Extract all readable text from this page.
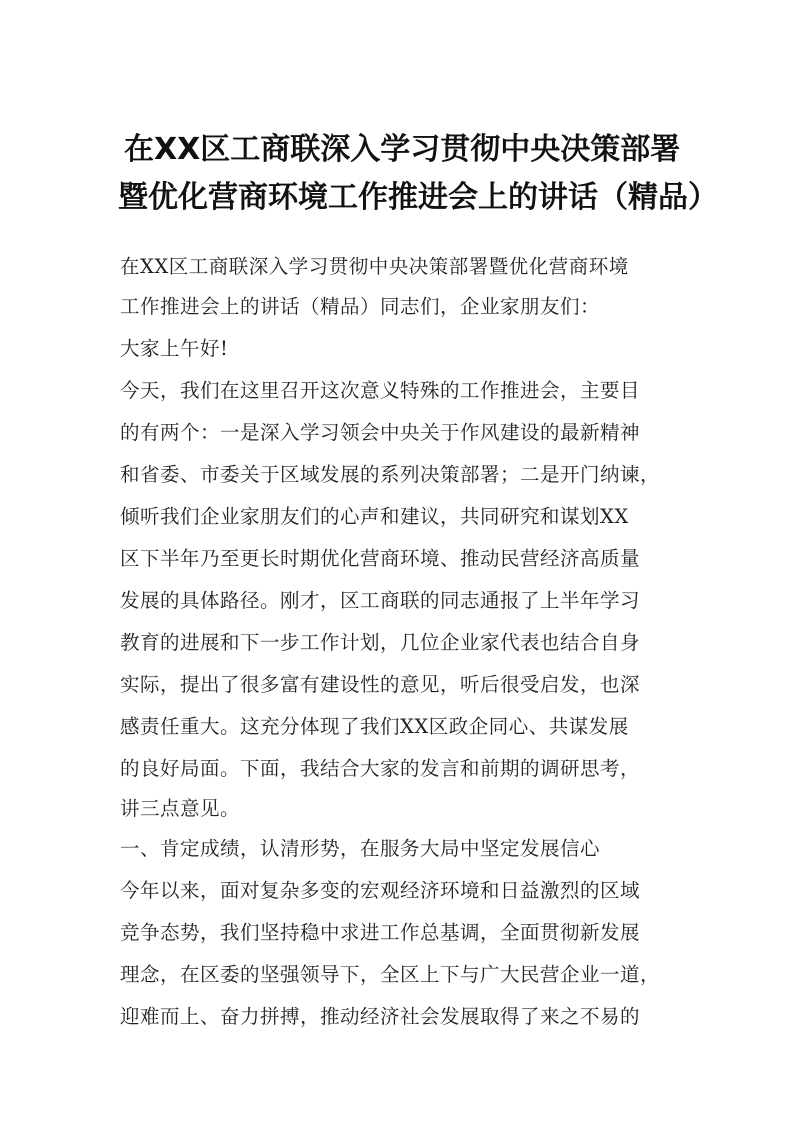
在XX区工商联深入学习贯彻中央决策部署
暨优化营商环境工作推进会上的讲话（精品）

在XX区工商联深入学习贯彻中央决策部署暨优化营商环境

工作推进会上的讲话（精品）同志们，企业家朋友们：

大家上午好!

今天，我们在这里召开这次意义特殊的工作推进会，主要目

的有两个：一是深入学习领会中央关于作风建设的最新精神

和省委、市委关于区域发展的系列决策部署；二是开门纳谏，

倾听我们企业家朋友们的心声和建议，共同研究和谋划XX

区下半年乃至更长时期优化营商环境、推动民营经济高质量

发展的具体路径。刚才，区工商联的同志通报了上半年学习

教育的进展和下一步工作计划，几位企业家代表也结合自身

实际，提出了很多富有建设性的意见，听后很受启发，也深

感责任重大。这充分体现了我们XX区政企同心、共谋发展

的良好局面。下面，我结合大家的发言和前期的调研思考，

讲三点意见。

一、肯定成绩，认清形势，在服务大局中坚定发展信心

今年以来，面对复杂多变的宏观经济环境和日益激烈的区域

竞争态势，我们坚持稳中求进工作总基调，全面贯彻新发展

理念，在区委的坚强领导下，全区上下与广大民营企业一道，

迎难而上、奋力拼搏，推动经济社会发展取得了来之不易的
